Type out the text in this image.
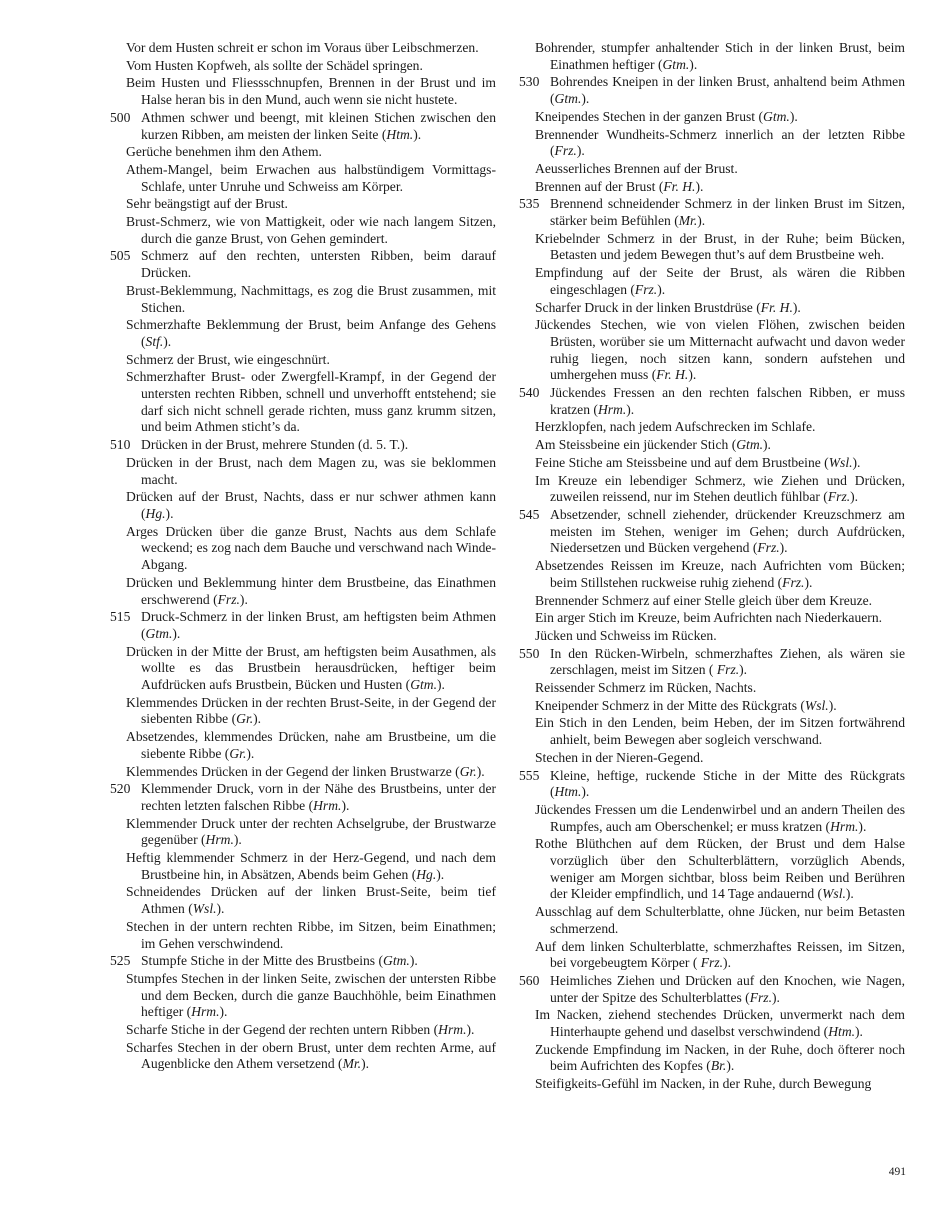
Vor dem Husten schreit er schon im Voraus über Leibschmerzen.
Vom Husten Kopfweh, als sollte der Schädel springen.
Beim Husten und Fliessschnupfen, Brennen in der Brust und im Halse heran bis in den Mund, auch wenn sie nicht hustete.
500 Athmen schwer und beengt, mit kleinen Stichen zwischen den kurzen Ribben, am meisten der linken Seite (Htm.).
Gerüche benehmen ihm den Athem.
Athem-Mangel, beim Erwachen aus halbstündigem Vormittags-Schlafe, unter Unruhe und Schweiss am Körper.
Sehr beängstigt auf der Brust.
Brust-Schmerz, wie von Mattigkeit, oder wie nach langem Sitzen, durch die ganze Brust, von Gehen gemindert.
505 Schmerz auf den rechten, untersten Ribben, beim darauf Drücken.
Brust-Beklemmung, Nachmittags, es zog die Brust zusammen, mit Stichen.
Schmerzhafte Beklemmung der Brust, beim Anfange des Gehens (Stf.).
Schmerz der Brust, wie eingeschnürt.
Schmerzhafter Brust- oder Zwergfell-Krampf, in der Gegend der untersten rechten Ribben, schnell und unverhofft entstehend; sie darf sich nicht schnell gerade richten, muss ganz krumm sitzen, und beim Athmen sticht’s da.
510 Drücken in der Brust, mehrere Stunden (d. 5. T.).
Drücken in der Brust, nach dem Magen zu, was sie beklommen macht.
Drücken auf der Brust, Nachts, dass er nur schwer athmen kann (Hg.).
Arges Drücken über die ganze Brust, Nachts aus dem Schlafe weckend; es zog nach dem Bauche und verschwand nach Winde-Abgang.
Drücken und Beklemmung hinter dem Brustbeine, das Einathmen erschwerend (Frz.).
515 Druck-Schmerz in der linken Brust, am heftigsten beim Athmen (Gtm.).
Drücken in der Mitte der Brust, am heftigsten beim Ausathmen, als wollte es das Brustbein herausdrücken, heftiger beim Aufdrücken aufs Brustbein, Bücken und Husten (Gtm.).
Klemmendes Drücken in der rechten Brust-Seite, in der Gegend der siebenten Ribbe (Gr.).
Absetzendes, klemmendes Drücken, nahe am Brustbeine, um die siebente Ribbe (Gr.).
Klemmendes Drücken in der Gegend der linken Brustwarze (Gr.).
520 Klemmender Druck, vorn in der Nähe des Brustbeins, unter der rechten letzten falschen Ribbe (Hrm.).
Klemmender Druck unter der rechten Achselgrube, der Brustwarze gegenüber (Hrm.).
Heftig klemmender Schmerz in der Herz-Gegend, und nach dem Brustbeine hin, in Absätzen, Abends beim Gehen (Hg.).
Schneidendes Drücken auf der linken Brust-Seite, beim tief Athmen (Wsl.).
Stechen in der untern rechten Ribbe, im Sitzen, beim Einathmen; im Gehen verschwindend.
525 Stumpfe Stiche in der Mitte des Brustbeins (Gtm.).
Stumpfes Stechen in der linken Seite, zwischen der untersten Ribbe und dem Becken, durch die ganze Bauchhöhle, beim Einathmen heftiger (Hrm.).
Scharfe Stiche in der Gegend der rechten untern Ribben (Hrm.).
Scharfes Stechen in der obern Brust, unter dem rechten Arme, auf Augenblicke den Athem versetzend (Mr.).
Bohrender, stumpfer anhaltender Stich in der linken Brust, beim Einathmen heftiger (Gtm.).
530 Bohrendes Kneipen in der linken Brust, anhaltend beim Athmen (Gtm.).
Kneipendes Stechen in der ganzen Brust (Gtm.).
Brennender Wundheits-Schmerz innerlich an der letzten Ribbe (Frz.).
Aeusserliches Brennen auf der Brust.
Brennen auf der Brust (Fr. H.).
535 Brennend schneidender Schmerz in der linken Brust im Sitzen, stärker beim Befühlen (Mr.).
Kriebelnder Schmerz in der Brust, in der Ruhe; beim Bücken, Betasten und jedem Bewegen thut’s auf dem Brustbeine weh.
Empfindung auf der Seite der Brust, als wären die Ribben eingeschlagen (Frz.).
Scharfer Druck in der linken Brustdrüse (Fr. H.).
Jückendes Stechen, wie von vielen Flöhen, zwischen beiden Brüsten, worüber sie um Mitternacht aufwacht und davon weder ruhig liegen, noch sitzen kann, sondern aufstehen und umhergehen muss (Fr. H.).
540 Jückendes Fressen an den rechten falschen Ribben, er muss kratzen (Hrm.).
Herzklopfen, nach jedem Aufschrecken im Schlafe.
Am Steissbeine ein jückender Stich (Gtm.).
Feine Stiche am Steissbeine und auf dem Brustbeine (Wsl.).
Im Kreuze ein lebendiger Schmerz, wie Ziehen und Drücken, zuweilen reissend, nur im Stehen deutlich fühlbar (Frz.).
545 Absetzender, schnell ziehender, drückender Kreuzschmerz am meisten im Stehen, weniger im Gehen; durch Aufdrücken, Niedersetzen und Bücken vergehend (Frz.).
Absetzendes Reissen im Kreuze, nach Aufrichten vom Bücken; beim Stillstehen ruckweise ruhig ziehend (Frz.).
Brennender Schmerz auf einer Stelle gleich über dem Kreuze.
Ein arger Stich im Kreuze, beim Aufrichten nach Niederkauern.
Jücken und Schweiss im Rücken.
550 In den Rücken-Wirbeln, schmerzhaftes Ziehen, als wären sie zerschlagen, meist im Sitzen ( Frz.).
Reissender Schmerz im Rücken, Nachts.
Kneipender Schmerz in der Mitte des Rückgrats (Wsl.).
Ein Stich in den Lenden, beim Heben, der im Sitzen fortwährend anhielt, beim Bewegen aber sogleich verschwand.
Stechen in der Nieren-Gegend.
555 Kleine, heftige, ruckende Stiche in der Mitte des Rückgrats (Htm.).
Jückendes Fressen um die Lendenwirbel und an andern Theilen des Rumpfes, auch am Oberschenkel; er muss kratzen (Hrm.).
Rothe Blüthchen auf dem Rücken, der Brust und dem Halse vorzüglich über den Schulterblättern, vorzüglich Abends, weniger am Morgen sichtbar, bloss beim Reiben und Berühren der Kleider empfindlich, und 14 Tage andauernd (Wsl.).
Ausschlag auf dem Schulterblatte, ohne Jücken, nur beim Betasten schmerzend.
Auf dem linken Schulterblatte, schmerzhaftes Reissen, im Sitzen, bei vorgebeugtem Körper ( Frz.).
560 Heimliches Ziehen und Drücken auf den Knochen, wie Nagen, unter der Spitze des Schulterblattes (Frz.).
Im Nacken, ziehend stechendes Drücken, unvermerkt nach dem Hinterhaupte gehend und daselbst verschwindend (Htm.).
Zuckende Empfindung im Nacken, in der Ruhe, doch öfterer noch beim Aufrichten des Kopfes (Br.).
Steifigkeits-Gefühl im Nacken, in der Ruhe, durch Bewegung
491
